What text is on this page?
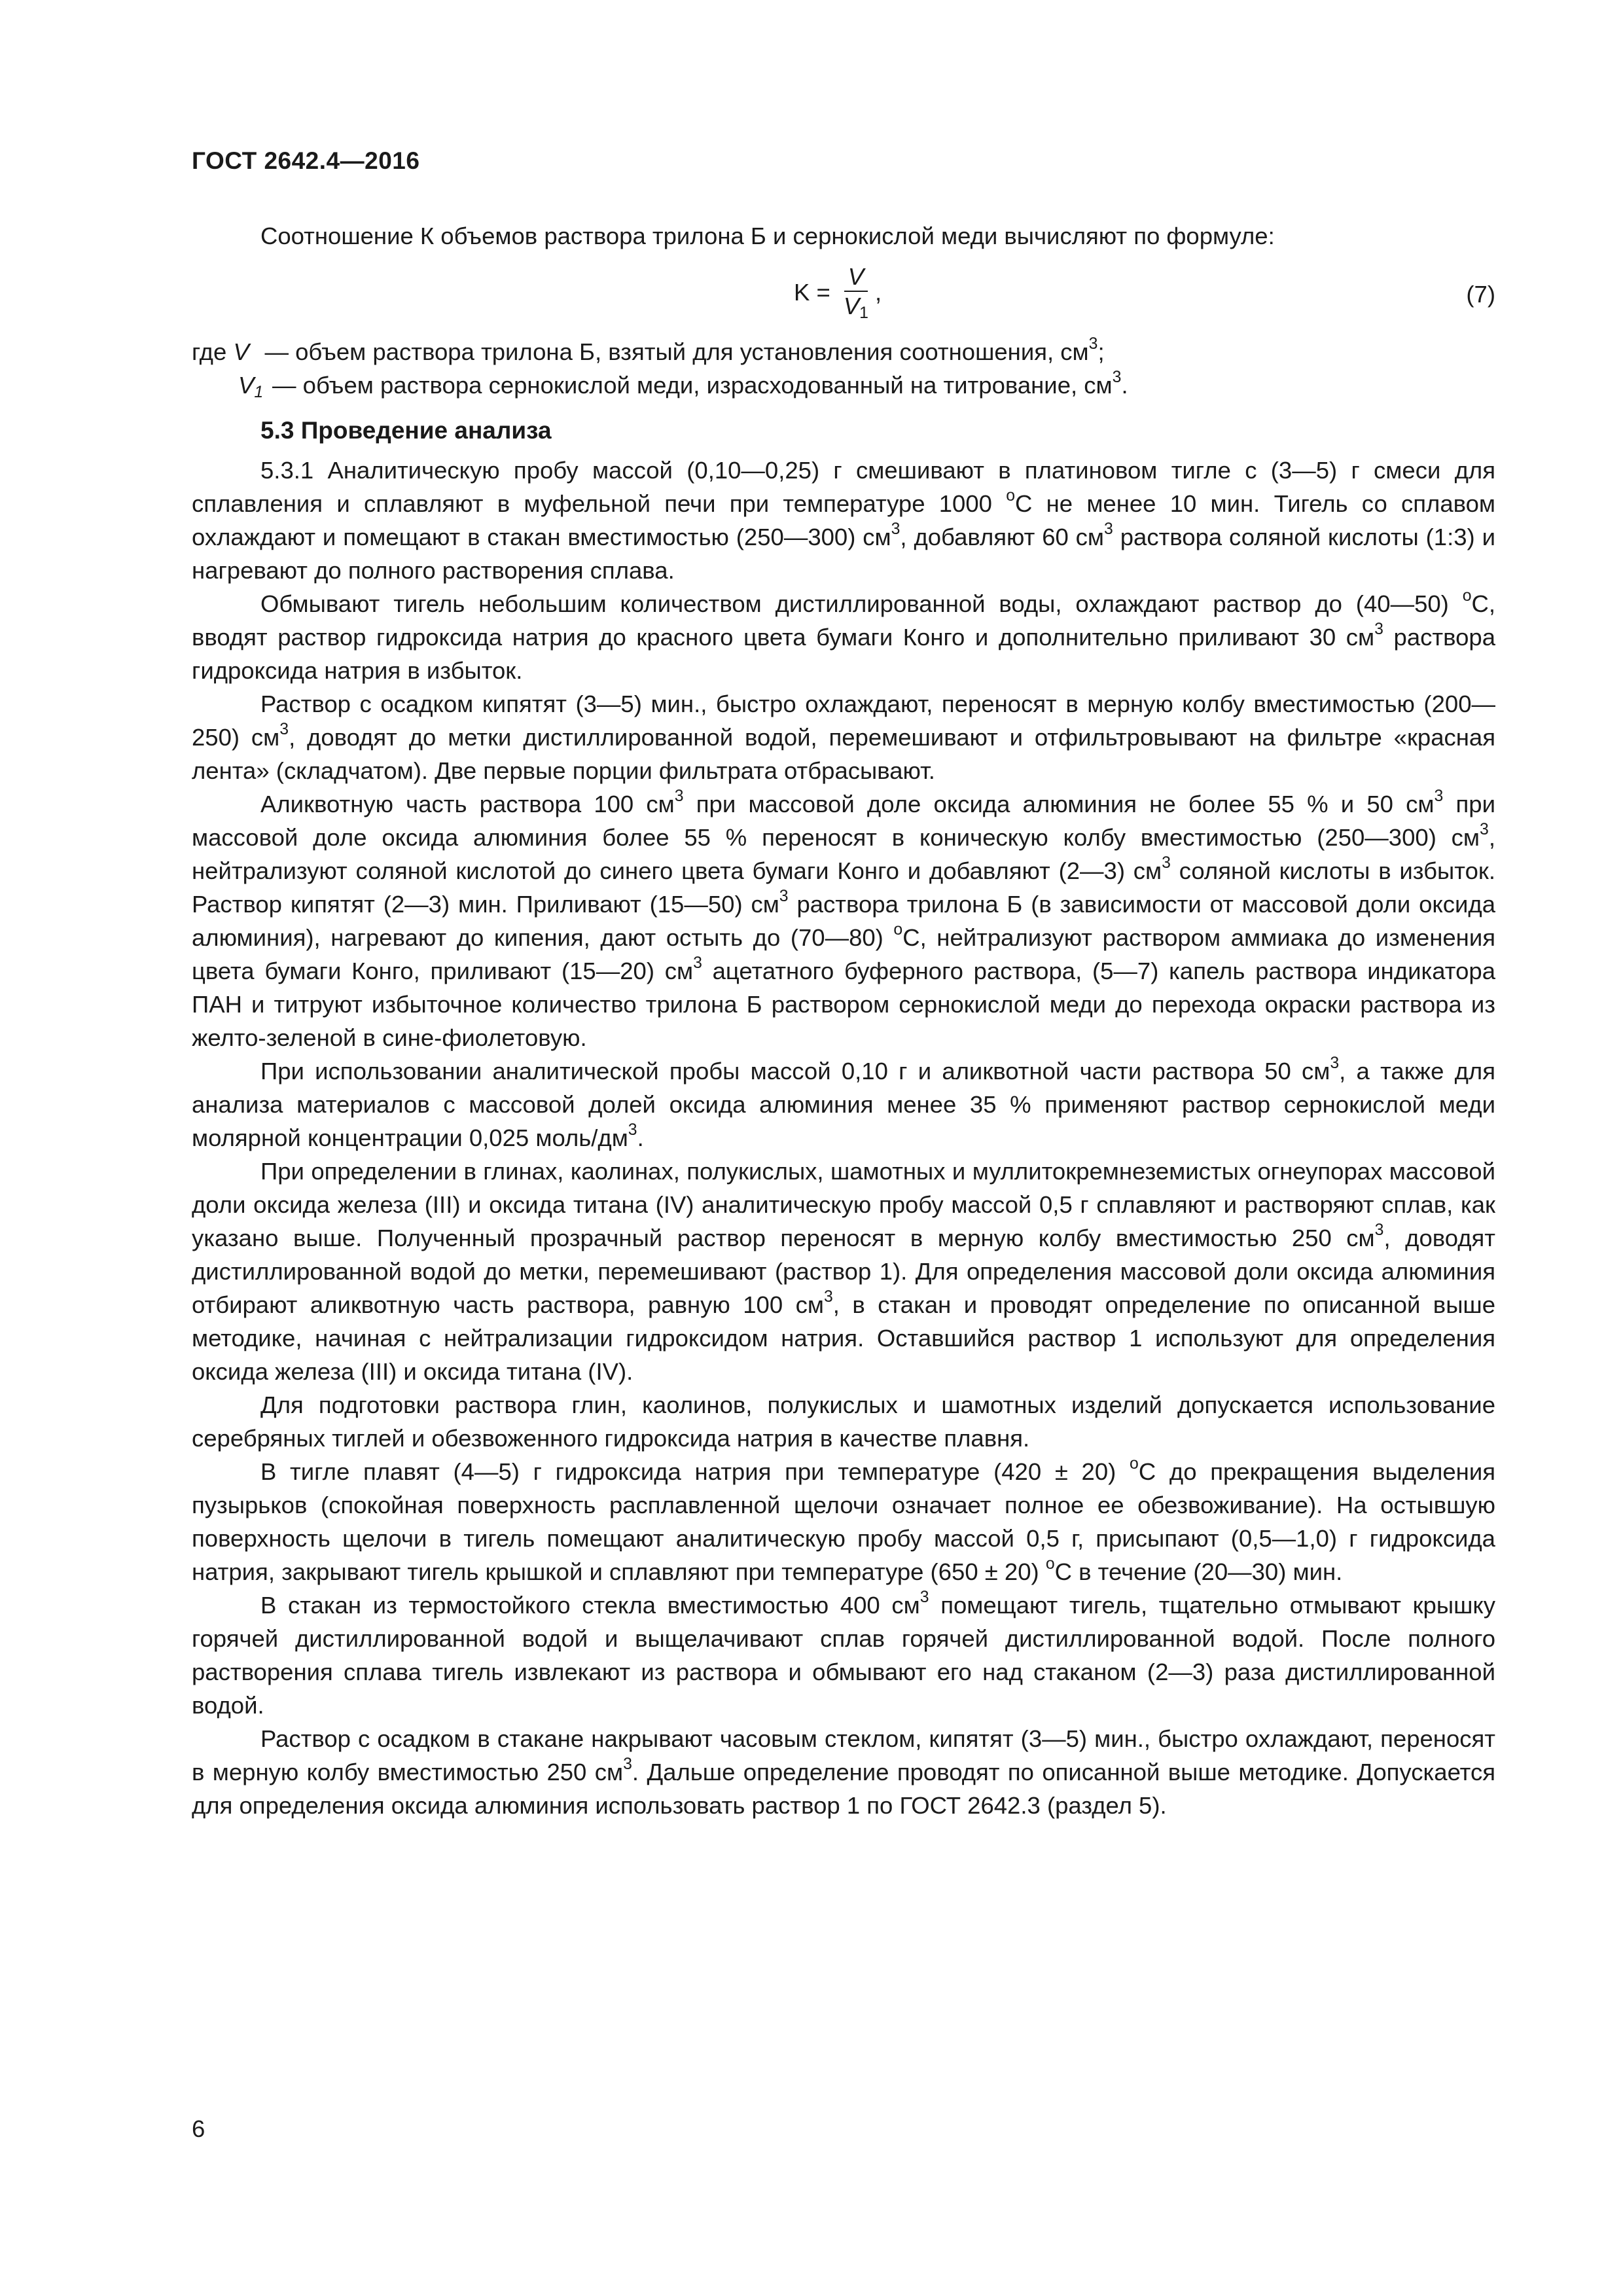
ГОСТ 2642.4—2016

Соотношение К объемов раствора трилона Б и сернокислой меди вычисляют по формуле:

$K = \frac{V}{V_1}$ ,	(7)
где V — объем раствора трилона Б, взятый для установления соотношения, $см^3$;
$V_1$ — объем раствора сернокислой меди, израсходованный на титрование, $см^3$.
5.3 Проведение анализа

5.3.1 Аналитическую пробу массой (0,10—0,25) г смешивают в платиновом тигле с (3—5) г смеси для сплавления и сплавляют в муфельной печи при температуре 1000 $^о$С не менее 10 мин. Тигель со сплавом охлаждают и помещают в стакан вместимостью (250—300) $см^3$, добавляют 60 $см^3$ раствора соляной кислоты (1:3) и нагревают до полного растворения сплава.

Обмывают тигель небольшим количеством дистиллированной воды, охлаждают раствор до (40—50) $^о$С, вводят раствор гидроксида натрия до красного цвета бумаги Конго и дополнительно приливают 30 $см^3$ раствора гидроксида натрия в избыток.

Раствор с осадком кипятят (3—5) мин., быстро охлаждают, переносят в мерную колбу вместимостью (200—250) $см^3$, доводят до метки дистиллированной водой, перемешивают и отфильтровывают на фильтре «красная лента» (складчатом). Две первые порции фильтрата отбрасывают.

Аликвотную часть раствора 100 $см^3$ при массовой доле оксида алюминия не более 55 % и 50 $см^3$ при массовой доле оксида алюминия более 55 % переносят в коническую колбу вместимостью (250—300) $см^3$, нейтрализуют соляной кислотой до синего цвета бумаги Конго и добавляют (2—3) $см^3$ соляной кислоты в избыток. Раствор кипятят (2—3) мин. Приливают (15—50) $см^3$ раствора трилона Б (в зависимости от массовой доли оксида алюминия), нагревают до кипения, дают остыть до (70—80) $^о$С, нейтрализуют раствором аммиака до изменения цвета бумаги Конго, приливают (15—20) $см^3$ ацетатного буферного раствора, (5—7) капель раствора индикатора ПАН и титруют избыточное количество трилона Б раствором сернокислой меди до перехода окраски раствора из желто-зеленой в сине-фиолетовую.

При использовании аналитической пробы массой 0,10 г и аликвотной части раствора 50 $см^3$, а также для анализа материалов с массовой долей оксида алюминия менее 35 % применяют раствор сернокислой меди молярной концентрации 0,025 моль/$дм^3$.

При определении в глинах, каолинах, полукислых, шамотных и муллитокремнеземистых огнеупорах массовой доли оксида железа (III) и оксида титана (IV) аналитическую пробу массой 0,5 г сплавляют и растворяют сплав, как указано выше. Полученный прозрачный раствор переносят в мерную колбу вместимостью 250 $см^3$, доводят дистиллированной водой до метки, перемешивают (раствор 1). Для определения массовой доли оксида алюминия отбирают аликвотную часть раствора, равную 100 $см^3$, в стакан и проводят определение по описанной выше методике, начиная с нейтрализации гидроксидом натрия. Оставшийся раствор 1 используют для определения оксида железа (III) и оксида титана (IV).

Для подготовки раствора глин, каолинов, полукислых и шамотных изделий допускается использование серебряных тиглей и обезвоженного гидроксида натрия в качестве плавня.

В тигле плавят (4—5) г гидроксида натрия при температуре (420 ± 20) $^о$С до прекращения выделения пузырьков (спокойная поверхность расплавленной щелочи означает полное ее обезвоживание). На остывшую поверхность щелочи в тигель помещают аналитическую пробу массой 0,5 г, присыпают (0,5—1,0) г гидроксида натрия, закрывают тигель крышкой и сплавляют при температуре (650 ± 20) $^о$С в течение (20—30) мин.

В стакан из термостойкого стекла вместимостью 400 $см^3$ помещают тигель, тщательно отмывают крышку горячей дистиллированной водой и выщелачивают сплав горячей дистиллированной водой. После полного растворения сплава тигель извлекают из раствора и обмывают его над стаканом (2—3) раза дистиллированной водой.

Раствор с осадком в стакане накрывают часовым стеклом, кипятят (3—5) мин., быстро охлаждают, переносят в мерную колбу вместимостью 250 $см^3$. Дальше определение проводят по описанной выше методике. Допускается для определения оксида алюминия использовать раствор 1 по ГОСТ 2642.3 (раздел 5).

6
